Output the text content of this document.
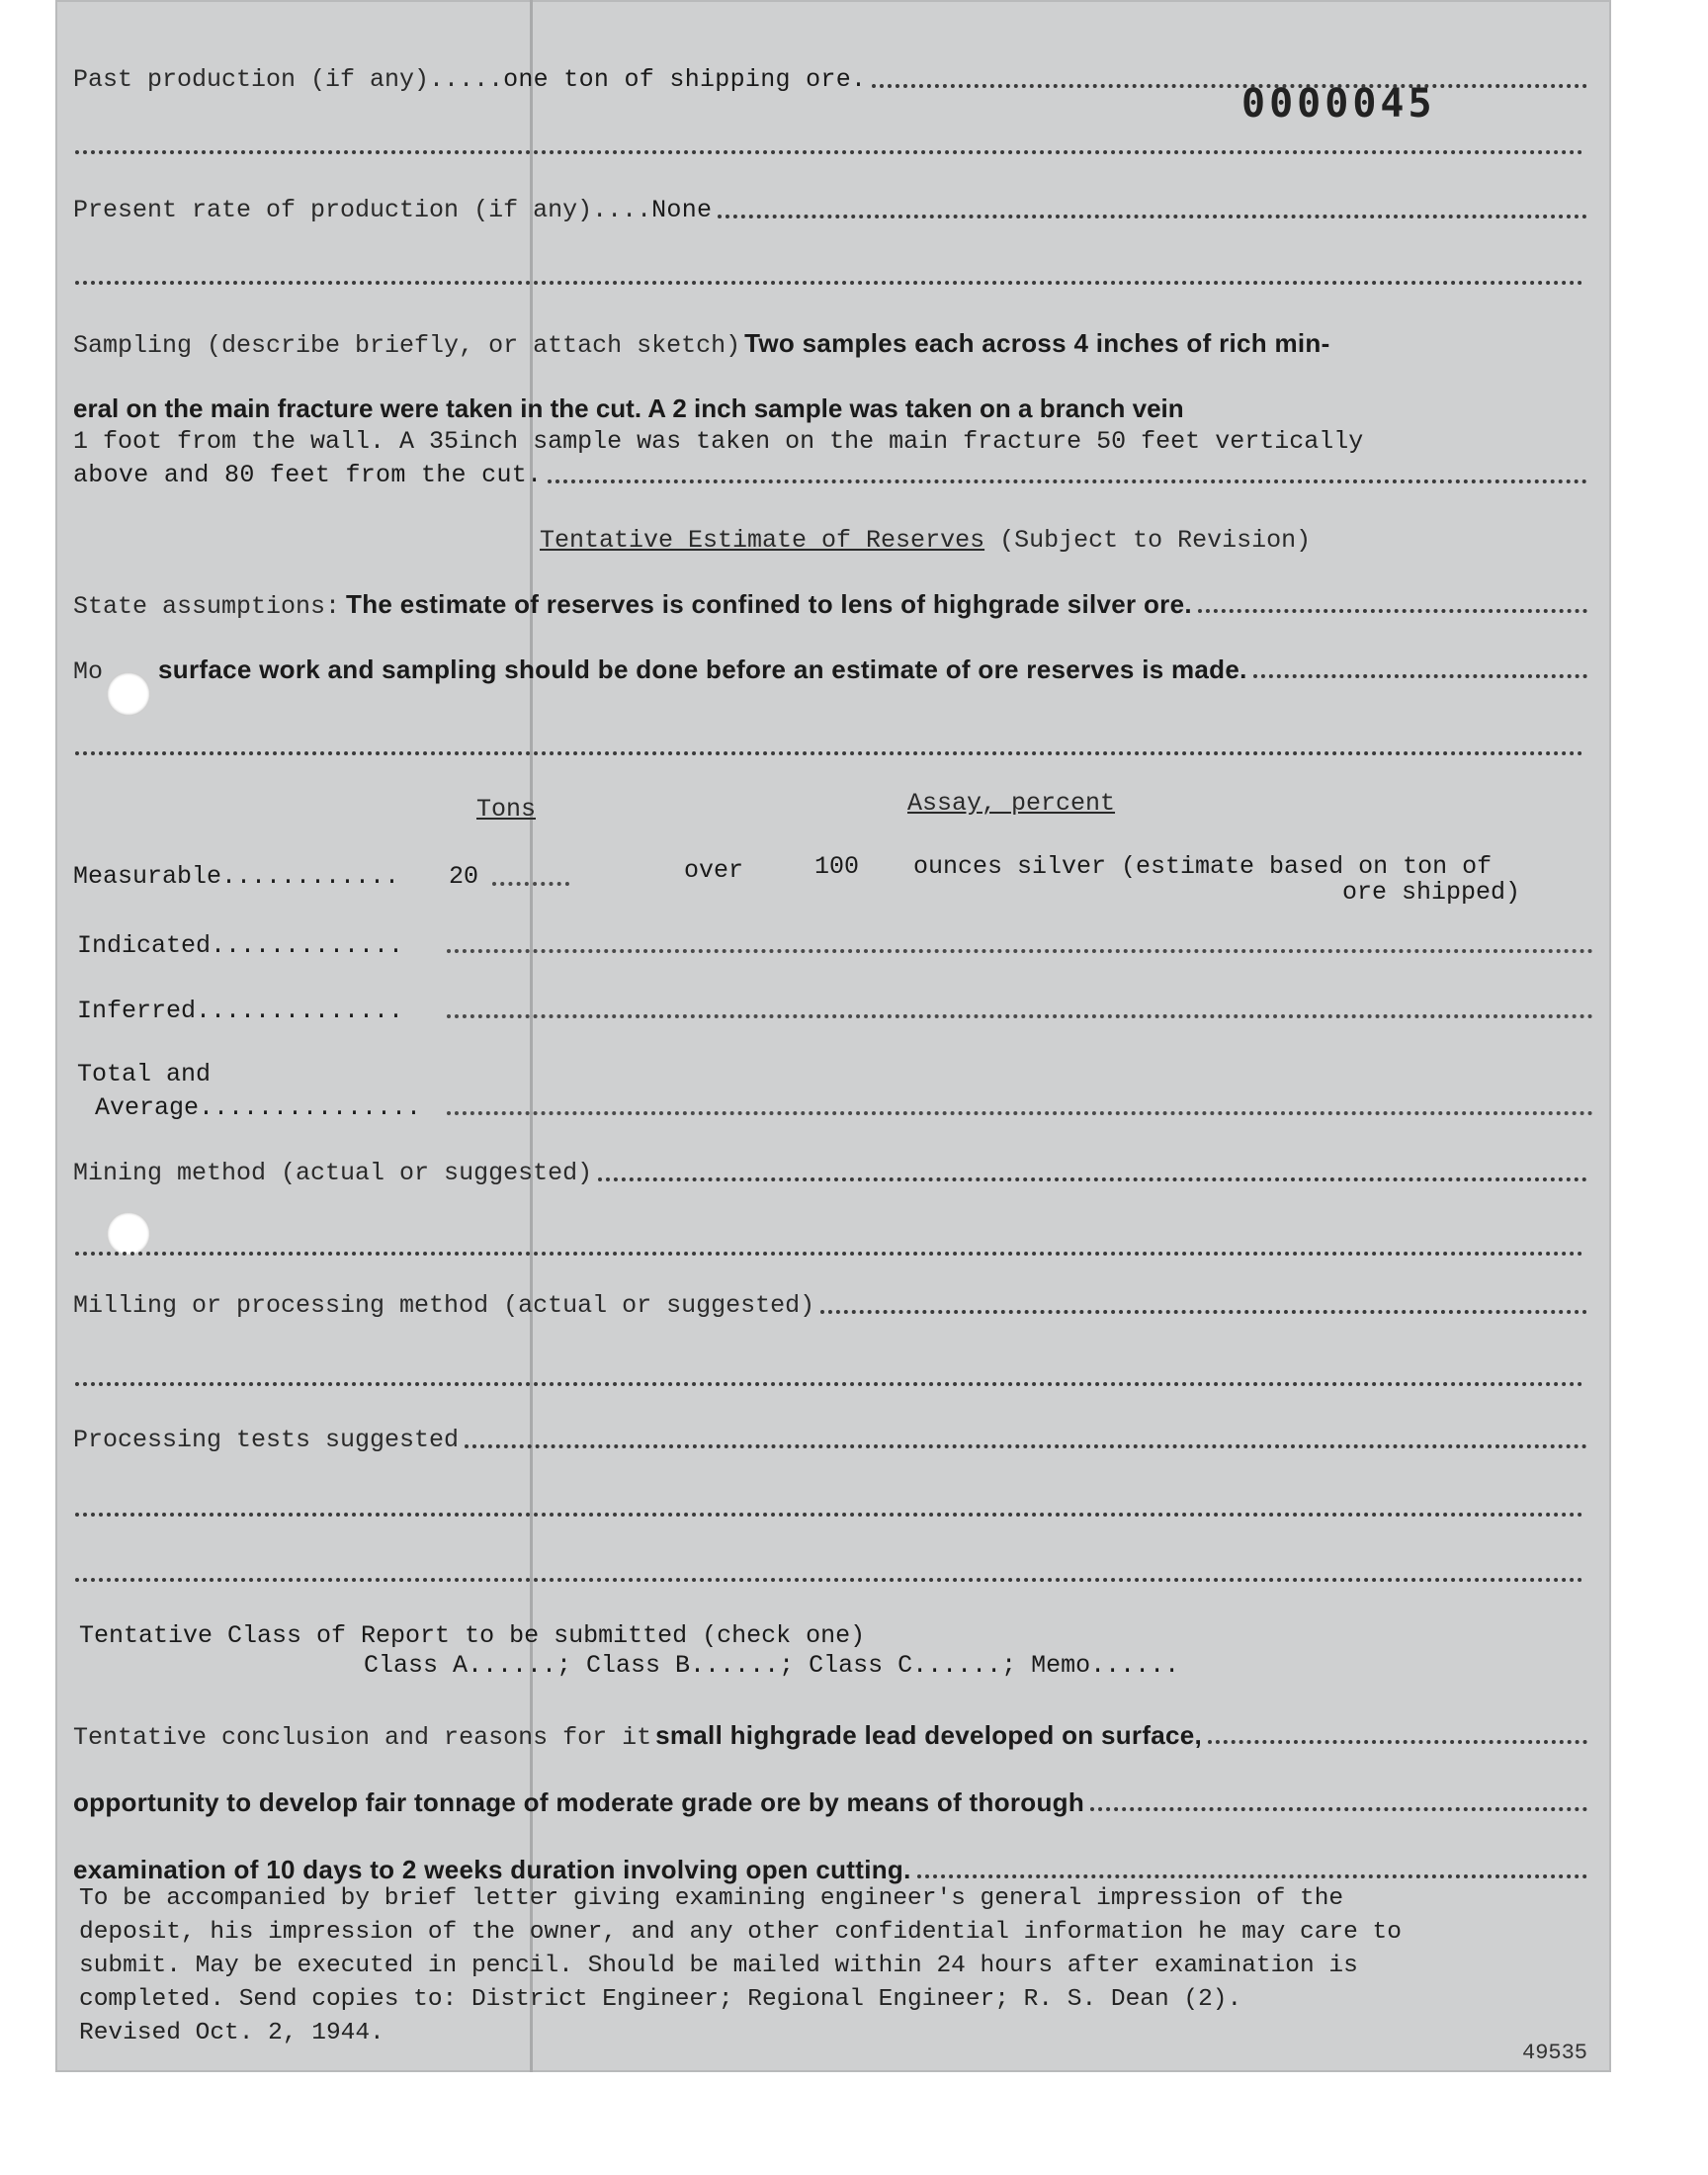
0000045
Past production (if any)..... one ton of shipping ore.
Present rate of production (if any).... None
Sampling (describe briefly, or attach sketch) Two samples each across 4 inches of rich min-
eral on the main fracture were taken in the cut. A 2 inch sample was taken on a branch vein
1 foot from the wall. A 35inch sample was taken on the main fracture 50 feet vertically
above and 80 feet from the cut.
Tentative Estimate of Reserves (Subject to Revision)
State assumptions: The estimate of reserves is confined to lens of highgrade silver ore.
Mo	surface work and sampling should be done before an estimate of ore reserves is made.
Tons	Assay, percent
Measurable............ 20	over	100 ounces silver (estimate based on ton of
ore shipped)
Indicated.............
Inferred..............
Total and
Average...............
Mining method (actual or suggested)
Milling or processing method (actual or suggested)
Processing tests suggested
Tentative Class of Report to be submitted (check one)
Class A......; Class B......; Class C......; Memo......
Tentative conclusion and reasons for it small highgrade lead developed on surface,
opportunity to develop fair tonnage of moderate grade ore by means of thorough
examination of 10 days to 2 weeks duration involving open cutting.
To be accompanied by brief letter giving examining engineer's general impression of the
deposit, his impression of the owner, and any other confidential information he may care to
submit. May be executed in pencil. Should be mailed within 24 hours after examination is
completed. Send copies to: District Engineer; Regional Engineer; R. S. Dean (2).
Revised Oct. 2, 1944.
49535
